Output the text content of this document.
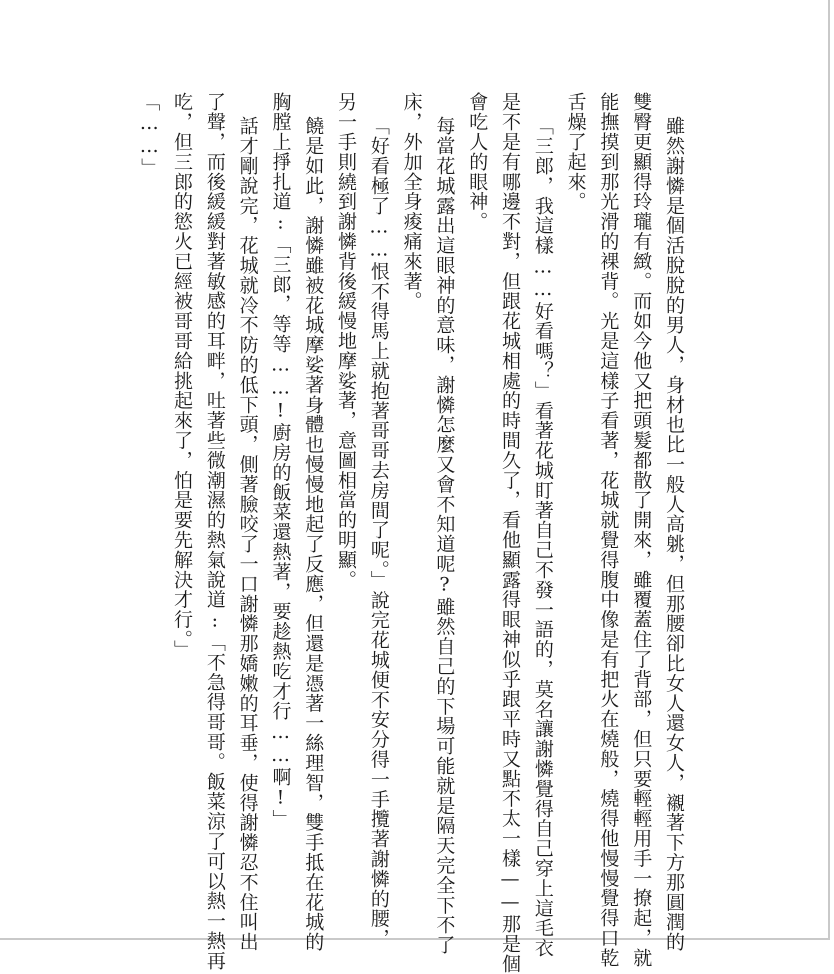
雖然謝憐是個活脫脫的男人，身材也比一般人高䠷，但那腰卻比女人還女人，襯著下方那圓潤的
雙臀更顯得玲瓏有緻。而如今他又把頭髮都散了開來，雖覆蓋住了背部，但只要輕輕用手一撩起，就
能撫摸到那光滑的裸背。光是這樣子看著，花城就覺得腹中像是有把火在燒般，燒得他慢慢覺得口乾
舌燥了起來。

「三郎，我這樣……好看嗎？」看著花城盯著自己不發一語的，莫名讓謝憐覺得自己穿上這毛衣
是不是有哪邊不對，但跟花城相處的時間久了，看他顯露得眼神似乎跟平時又點不太一樣——那是個
會吃人的眼神。

每當花城露出這眼神的意味，謝憐怎麼又會不知道呢?雖然自己的下場可能就是隔天完全下不了
床，外加全身痠痛來著。

「好看極了……恨不得馬上就抱著哥哥去房間了呢。」說完花城便不安分得一手攬著謝憐的腰，
另一手則繞到謝憐背後緩慢地摩娑著，意圖相當的明顯。

饒是如此，謝憐雖被花城摩娑著身體也慢慢地起了反應，但還是憑著一絲理智，雙手抵在花城的
胸膛上掙扎道:「三郎，等等……!廚房的飯菜還熱著，要趁熱吃才行……啊!」

話才剛說完，花城就冷不防的低下頭，側著臉咬了一口謝憐那嬌嫩的耳垂，使得謝憐忍不住叫出
了聲，而後緩緩對著敏感的耳畔，吐著些微潮濕的熱氣說道:「不急得哥哥。飯菜涼了可以熱一熱再
吃，但三郎的慾火已經被哥哥給挑起來了，怕是要先解決才行。」

「……」
